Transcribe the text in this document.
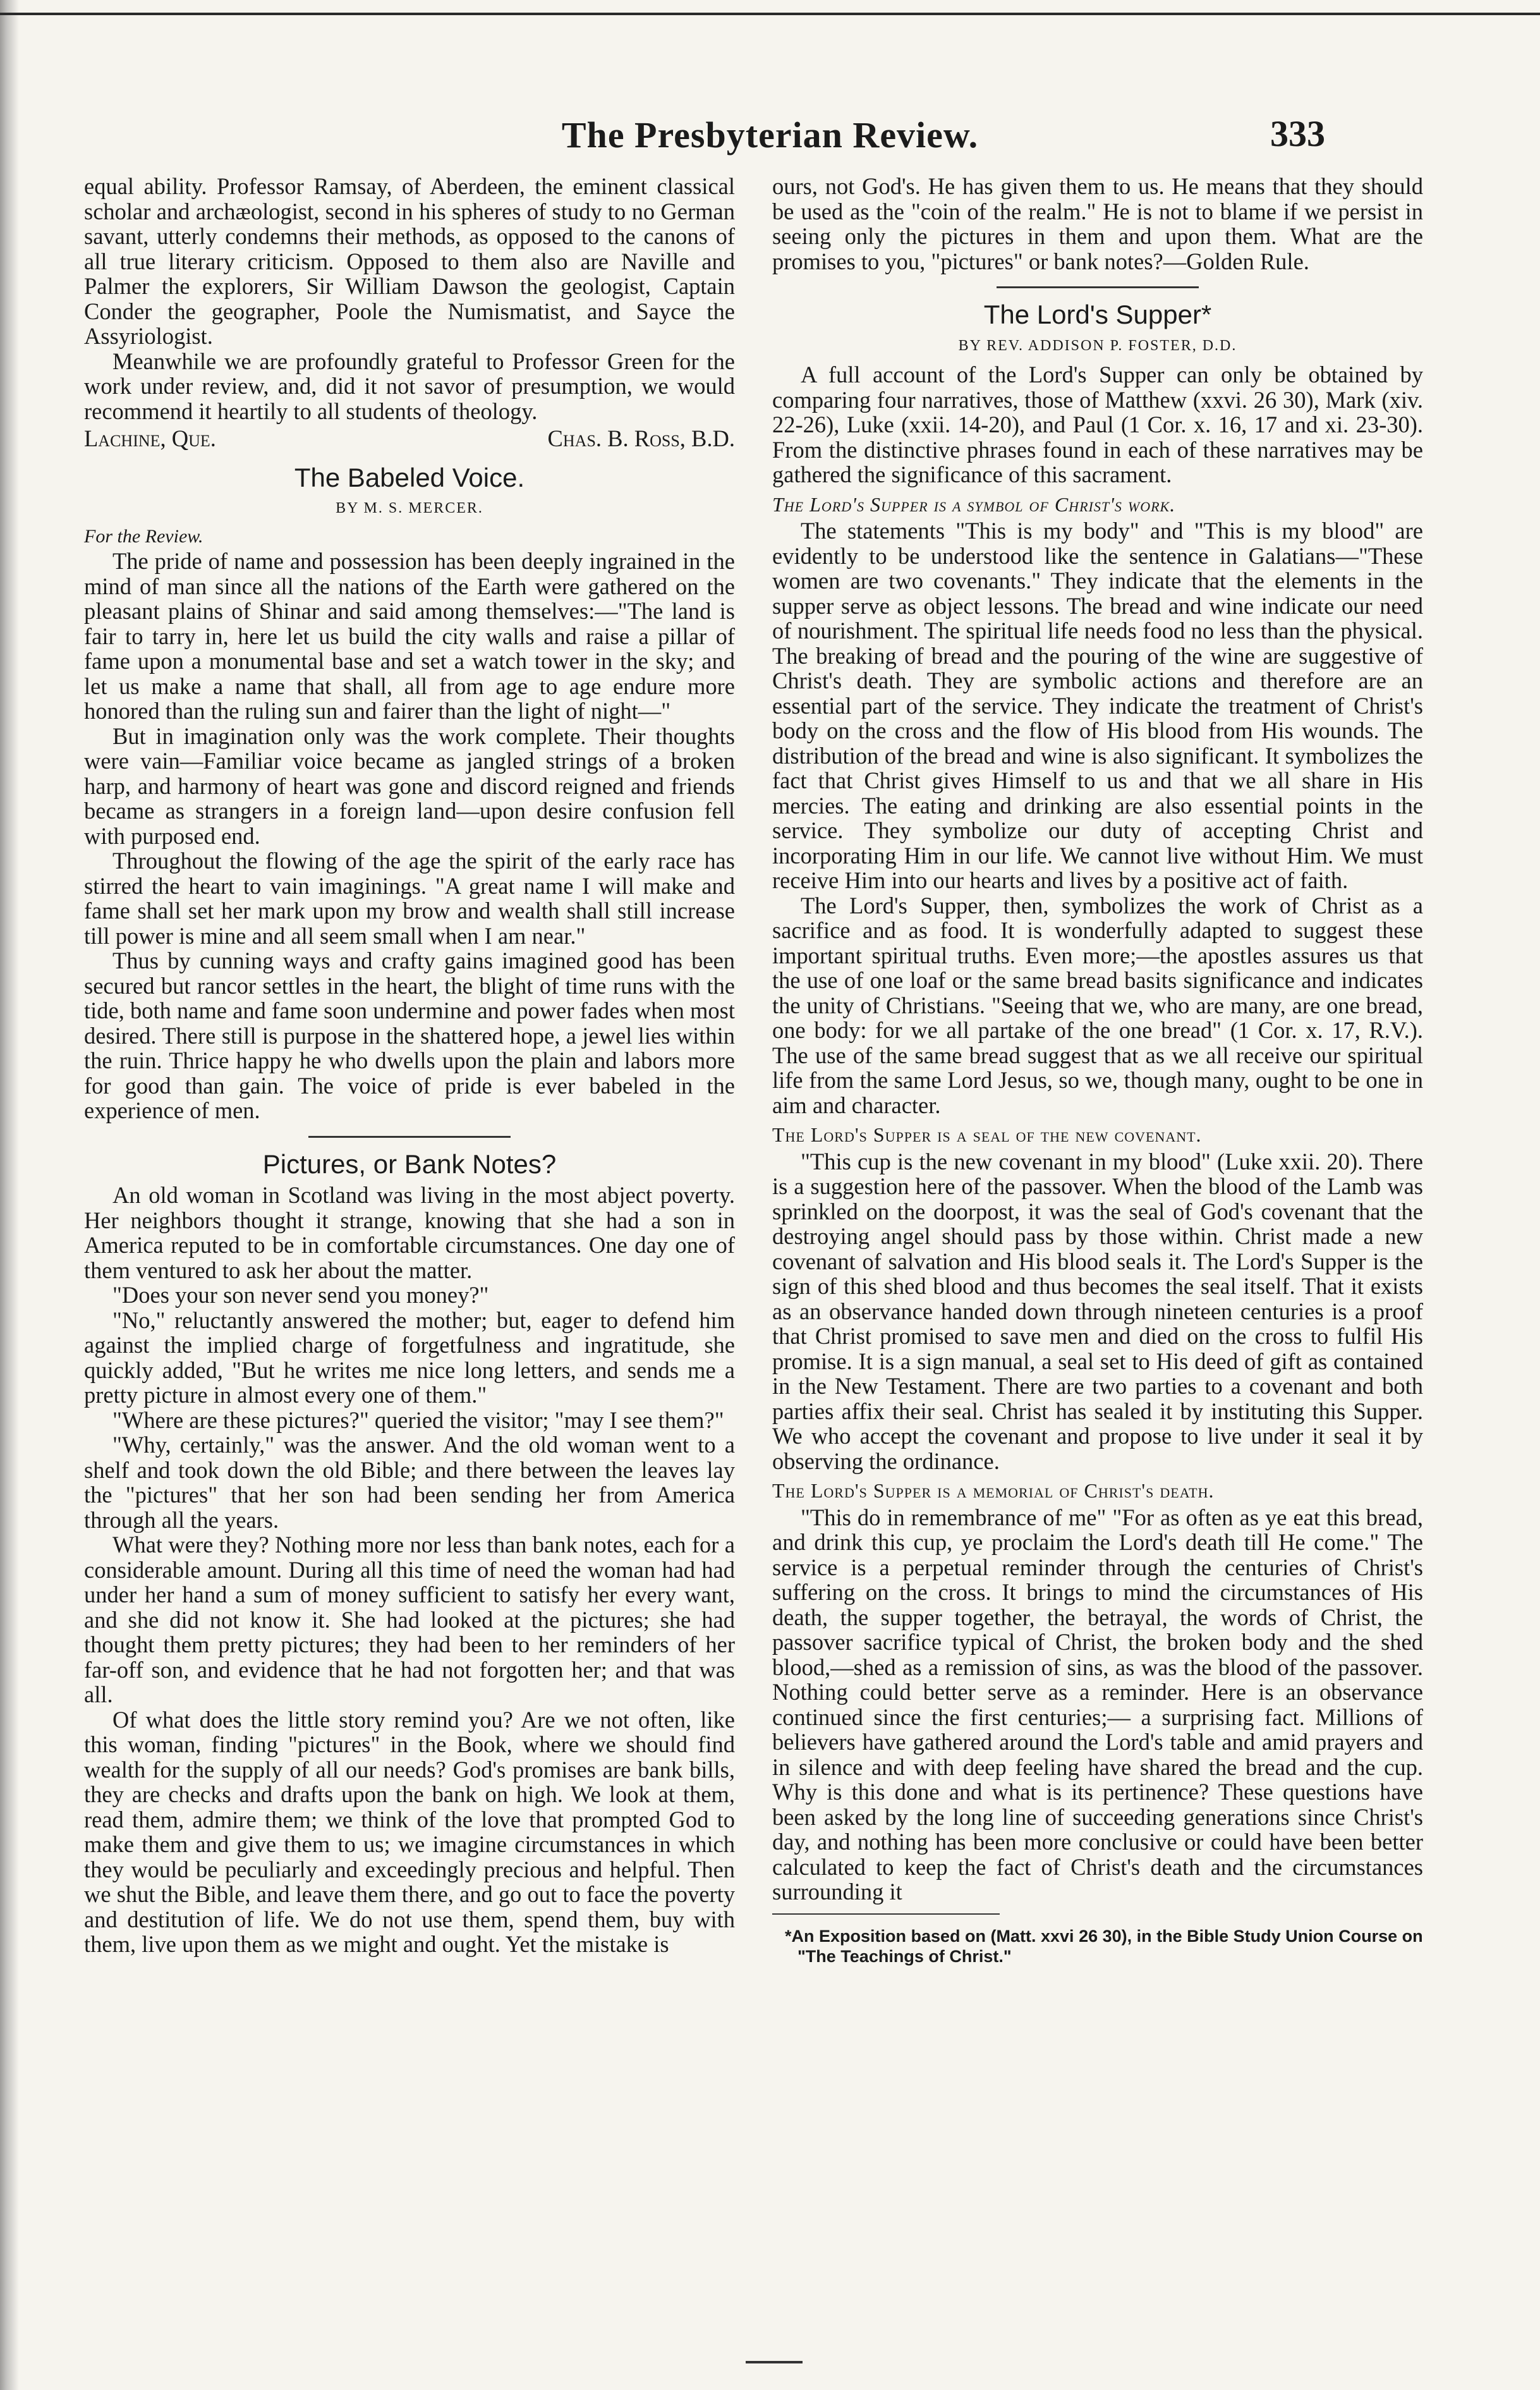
The Presbyterian Review.	333

equal ability. Professor Ramsay, of Aberdeen, the eminent classical scholar and archæologist, second in his spheres of study to no German savant, utterly condemns their methods, as opposed to the canons of all true literary criticism. Opposed to them also are Naville and Palmer the explorers, Sir William Dawson the geologist, Captain Conder the geographer, Poole the Numismatist, and Sayce the Assyriologist.

Meanwhile we are profoundly grateful to Professor Green for the work under review, and, did it not savor of presumption, we would recommend it heartily to all students of theology.

Lachine, Que.	Chas. B. Ross, B.D.
The Babeled Voice.
BY M. S. MERCER.
For the Review.

The pride of name and possession has been deeply ingrained in the mind of man since all the nations of the Earth were gathered on the pleasant plains of Shinar and said among themselves:—"The land is fair to tarry in, here let us build the city walls and raise a pillar of fame upon a monumental base and set a watch tower in the sky; and let us make a name that shall, all from age to age endure more honored than the ruling sun and fairer than the light of night—"

But in imagination only was the work complete. Their thoughts were vain—Familiar voice became as jangled strings of a broken harp, and harmony of heart was gone and discord reigned and friends became as strangers in a foreign land—upon desire confusion fell with purposed end.

Throughout the flowing of the age the spirit of the early race has stirred the heart to vain imaginings. "A great name I will make and fame shall set her mark upon my brow and wealth shall still increase till power is mine and all seem small when I am near."

Thus by cunning ways and crafty gains imagined good has been secured but rancor settles in the heart, the blight of time runs with the tide, both name and fame soon undermine and power fades when most desired. There still is purpose in the shattered hope, a jewel lies within the ruin. Thrice happy he who dwells upon the plain and labors more for good than gain. The voice of pride is ever babeled in the experience of men.

Pictures, or Bank Notes?

An old woman in Scotland was living in the most abject poverty. Her neighbors thought it strange, knowing that she had a son in America reputed to be in comfortable circumstances. One day one of them ventured to ask her about the matter.

"Does your son never send you money?"

"No," reluctantly answered the mother; but, eager to defend him against the implied charge of forgetfulness and ingratitude, she quickly added, "But he writes me nice long letters, and sends me a pretty picture in almost every one of them."

"Where are these pictures?" queried the visitor; "may I see them?"

"Why, certainly," was the answer. And the old woman went to a shelf and took down the old Bible; and there between the leaves lay the "pictures" that her son had been sending her from America through all the years.

What were they? Nothing more nor less than bank notes, each for a considerable amount. During all this time of need the woman had had under her hand a sum of money sufficient to satisfy her every want, and she did not know it. She had looked at the pictures; she had thought them pretty pictures; they had been to her reminders of her far-off son, and evidence that he had not forgotten her; and that was all.

Of what does the little story remind you? Are we not often, like this woman, finding "pictures" in the Book, where we should find wealth for the supply of all our needs? God's promises are bank bills, they are checks and drafts upon the bank on high. We look at them, read them, admire them; we think of the love that prompted God to make them and give them to us; we imagine circumstances in which they would be peculiarly and exceedingly precious and helpful. Then we shut the Bible, and leave them there, and go out to face the poverty and destitution of life. We do not use them, spend them, buy with them, live upon them as we might and ought. Yet the mistake is

ours, not God's. He has given them to us. He means that they should be used as the "coin of the realm." He is not to blame if we persist in seeing only the pictures in them and upon them. What are the promises to you, "pictures" or bank notes?—Golden Rule.

The Lord's Supper*
BY REV. ADDISON P. FOSTER, D.D.

A full account of the Lord's Supper can only be obtained by comparing four narratives, those of Matthew (xxvi. 26 30), Mark (xiv. 22-26), Luke (xxii. 14-20), and Paul (1 Cor. x. 16, 17 and xi. 23-30). From the distinctive phrases found in each of these narratives may be gathered the significance of this sacrament.

The Lord's Supper is a symbol of Christ's work.

The statements "This is my body" and "This is my blood" are evidently to be understood like the sentence in Galatians—"These women are two covenants." They indicate that the elements in the supper serve as object lessons. The bread and wine indicate our need of nourishment. The spiritual life needs food no less than the physical. The breaking of bread and the pouring of the wine are suggestive of Christ's death. They are symbolic actions and therefore are an essential part of the service. They indicate the treatment of Christ's body on the cross and the flow of His blood from His wounds. The distribution of the bread and wine is also significant. It symbolizes the fact that Christ gives Himself to us and that we all share in His mercies. The eating and drinking are also essential points in the service. They symbolize our duty of accepting Christ and incorporating Him in our life. We cannot live without Him. We must receive Him into our hearts and lives by a positive act of faith.

The Lord's Supper, then, symbolizes the work of Christ as a sacrifice and as food. It is wonderfully adapted to suggest these important spiritual truths. Even more;—the apostles assures us that the use of one loaf or the same bread basits significance and indicates the unity of Christians. "Seeing that we, who are many, are one bread, one body: for we all partake of the one bread" (1 Cor. x. 17, R.V.). The use of the same bread suggest that as we all receive our spiritual life from the same Lord Jesus, so we, though many, ought to be one in aim and character.

The Lord's Supper is a seal of the new covenant.

"This cup is the new covenant in my blood" (Luke xxii. 20). There is a suggestion here of the passover. When the blood of the Lamb was sprinkled on the doorpost, it was the seal of God's covenant that the destroying angel should pass by those within. Christ made a new covenant of salvation and His blood seals it. The Lord's Supper is the sign of this shed blood and thus becomes the seal itself. That it exists as an observance handed down through nineteen centuries is a proof that Christ promised to save men and died on the cross to fulfil His promise. It is a sign manual, a seal set to His deed of gift as contained in the New Testament. There are two parties to a covenant and both parties affix their seal. Christ has sealed it by instituting this Supper. We who accept the covenant and propose to live under it seal it by observing the ordinance.

The Lord's Supper is a memorial of Christ's death.

"This do in remembrance of me" "For as often as ye eat this bread, and drink this cup, ye proclaim the Lord's death till He come." The service is a perpetual reminder through the centuries of Christ's suffering on the cross. It brings to mind the circumstances of His death, the supper together, the betrayal, the words of Christ, the passover sacrifice typical of Christ, the broken body and the shed blood,—shed as a remission of sins, as was the blood of the passover. Nothing could better serve as a reminder. Here is an observance continued since the first centuries;— a surprising fact. Millions of believers have gathered around the Lord's table and amid prayers and in silence and with deep feeling have shared the bread and the cup. Why is this done and what is its pertinence? These questions have been asked by the long line of succeeding generations since Christ's day, and nothing has been more conclusive or could have been better calculated to keep the fact of Christ's death and the circumstances surrounding it

*An Exposition based on (Matt. xxvi 26 30), in the Bible Study Union Course on "The Teachings of Christ."
